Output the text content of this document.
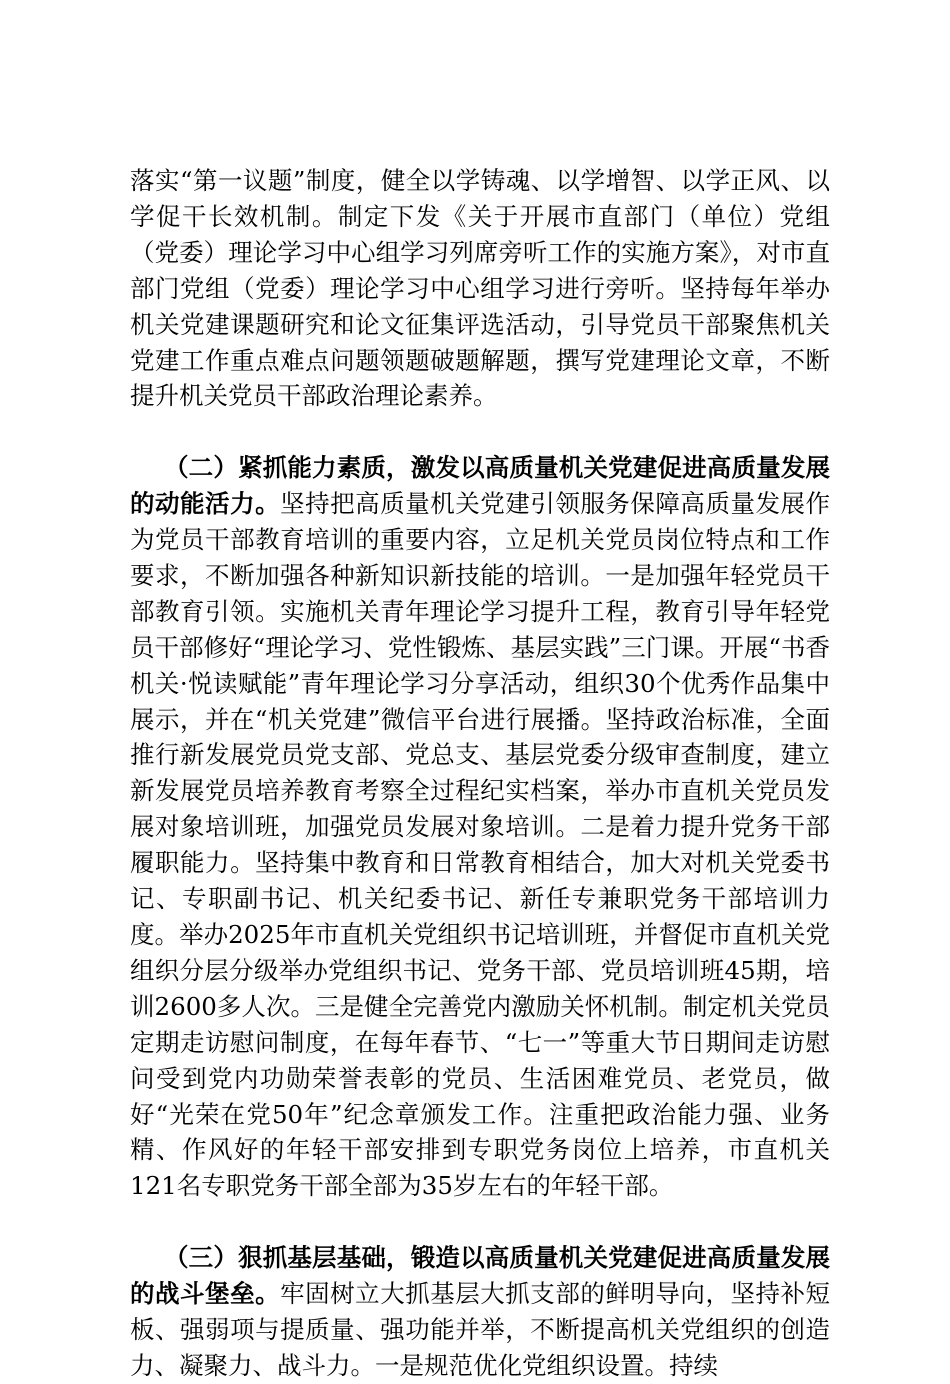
落实“第一议题”制度，健全以学铸魂、以学增智、以学正风、以学促干长效机制。制定下发《关于开展市直部门（单位）党组（党委）理论学习中心组学习列席旁听工作的实施方案》，对市直部门党组（党委）理论学习中心组学习进行旁听。坚持每年举办机关党建课题研究和论文征集评选活动，引导党员干部聚焦机关党建工作重点难点问题领题破题解题，撰写党建理论文章，不断提升机关党员干部政治理论素养。

（二）紧抓能力素质，激发以高质量机关党建促进高质量发展的动能活力。坚持把高质量机关党建引领服务保障高质量发展作为党员干部教育培训的重要内容，立足机关党员岗位特点和工作要求，不断加强各种新知识新技能的培训。一是加强年轻党员干部教育引领。实施机关青年理论学习提升工程，教育引导年轻党员干部修好“理论学习、党性锻炼、基层实践”三门课。开展“书香机关·悦读赋能”青年理论学习分享活动，组织30个优秀作品集中展示，并在“机关党建”微信平台进行展播。坚持政治标准，全面推行新发展党员党支部、党总支、基层党委分级审查制度，建立新发展党员培养教育考察全过程纪实档案，举办市直机关党员发展对象培训班，加强党员发展对象培训。二是着力提升党务干部履职能力。坚持集中教育和日常教育相结合，加大对机关党委书记、专职副书记、机关纪委书记、新任专兼职党务干部培训力度。举办2025年市直机关党组织书记培训班，并督促市直机关党组织分层分级举办党组织书记、党务干部、党员培训班45期，培训2600多人次。三是健全完善党内激励关怀机制。制定机关党员定期走访慰问制度，在每年春节、“七一”等重大节日期间走访慰问受到党内功勋荣誉表彰的党员、生活困难党员、老党员，做好“光荣在党50年”纪念章颁发工作。注重把政治能力强、业务精、作风好的年轻干部安排到专职党务岗位上培养，市直机关121名专职党务干部全部为35岁左右的年轻干部。

（三）狠抓基层基础，锻造以高质量机关党建促进高质量发展的战斗堡垒。牢固树立大抓基层大抓支部的鲜明导向，坚持补短板、强弱项与提质量、强功能并举，不断提高机关党组织的创造力、凝聚力、战斗力。一是规范优化党组织设置。持续
